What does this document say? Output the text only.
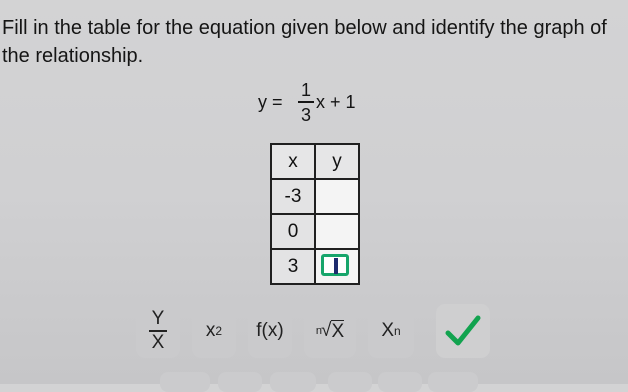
Fill in the table for the equation given below and identify the graph of the relationship.
y =
1
3
x + 1
x	y
-3	
0	
3	
Y
X
x 2 f(x)	n √ X X n
